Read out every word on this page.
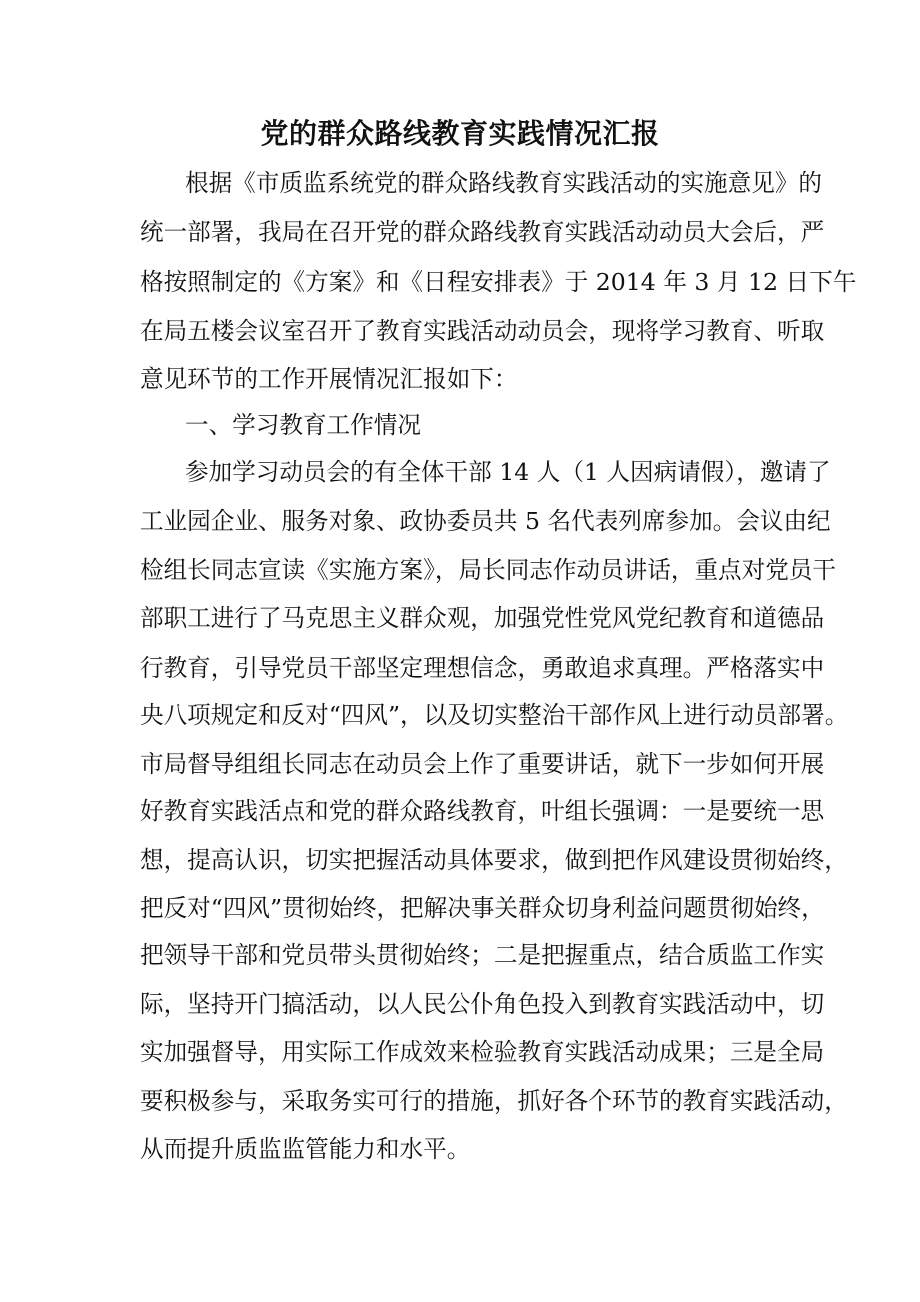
党的群众路线教育实践情况汇报
根据《市质监系统党的群众路线教育实践活动的实施意见》的
统一部署，我局在召开党的群众路线教育实践活动动员大会后，严
格按照制定的《方案》和《日程安排表》于 2014 年 3 月 12 日下午
在局五楼会议室召开了教育实践活动动员会，现将学习教育、听取
意见环节的工作开展情况汇报如下：
一、学习教育工作情况
参加学习动员会的有全体干部 14 人（1 人因病请假），邀请了
工业园企业、服务对象、政协委员共 5 名代表列席参加。会议由纪
检组长同志宣读《实施方案》，局长同志作动员讲话，重点对党员干
部职工进行了马克思主义群众观，加强党性党风党纪教育和道德品
行教育，引导党员干部坚定理想信念，勇敢追求真理。严格落实中
央八项规定和反对“四风”，以及切实整治干部作风上进行动员部署。
市局督导组组长同志在动员会上作了重要讲话，就下一步如何开展
好教育实践活点和党的群众路线教育，叶组长强调：一是要统一思
想，提高认识，切实把握活动具体要求，做到把作风建设贯彻始终，
把反对“四风”贯彻始终，把解决事关群众切身利益问题贯彻始终，
把领导干部和党员带头贯彻始终；二是把握重点，结合质监工作实
际，坚持开门搞活动，以人民公仆角色投入到教育实践活动中，切
实加强督导，用实际工作成效来检验教育实践活动成果；三是全局
要积极参与，采取务实可行的措施，抓好各个环节的教育实践活动，
从而提升质监监管能力和水平。
